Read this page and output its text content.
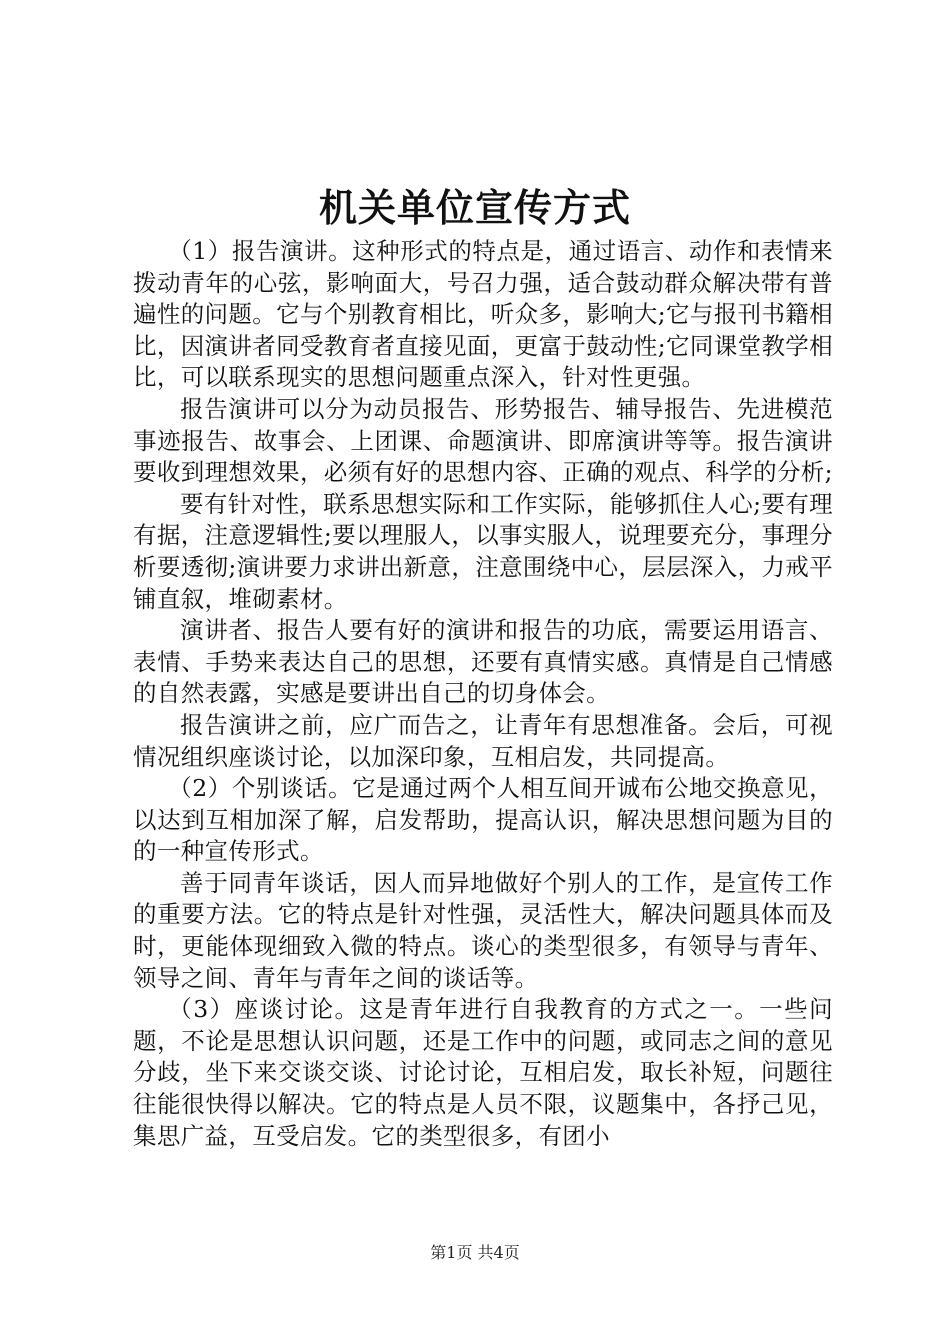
机关单位宣传方式

（1）报告演讲。这种形式的特点是，通过语言、动作和表情来拨动青年的心弦，影响面大，号召力强，适合鼓动群众解决带有普遍性的问题。它与个别教育相比，听众多，影响大;它与报刊书籍相比，因演讲者同受教育者直接见面，更富于鼓动性;它同课堂教学相比，可以联系现实的思想问题重点深入，针对性更强。

报告演讲可以分为动员报告、形势报告、辅导报告、先进模范事迹报告、故事会、上团课、命题演讲、即席演讲等等。报告演讲要收到理想效果，必须有好的思想内容、正确的观点、科学的分析;

要有针对性，联系思想实际和工作实际，能够抓住人心;要有理有据，注意逻辑性;要以理服人，以事实服人，说理要充分，事理分析要透彻;演讲要力求讲出新意，注意围绕中心，层层深入，力戒平铺直叙，堆砌素材。

演讲者、报告人要有好的演讲和报告的功底，需要运用语言、表情、手势来表达自己的思想，还要有真情实感。真情是自己情感的自然表露，实感是要讲出自己的切身体会。

报告演讲之前，应广而告之，让青年有思想准备。会后，可视情况组织座谈讨论，以加深印象，互相启发，共同提高。

（2）个别谈话。它是通过两个人相互间开诚布公地交换意见，以达到互相加深了解，启发帮助，提高认识，解决思想问题为目的的一种宣传形式。

善于同青年谈话，因人而异地做好个别人的工作，是宣传工作的重要方法。它的特点是针对性强，灵活性大，解决问题具体而及时，更能体现细致入微的特点。谈心的类型很多，有领导与青年、领导之间、青年与青年之间的谈话等。

（3）座谈讨论。这是青年进行自我教育的方式之一。一些问题，不论是思想认识问题，还是工作中的问题，或同志之间的意见分歧，坐下来交谈交谈、讨论讨论，互相启发，取长补短，问题往往能很快得以解决。它的特点是人员不限，议题集中，各抒己见，集思广益，互受启发。它的类型很多，有团小

第1页 共4页
